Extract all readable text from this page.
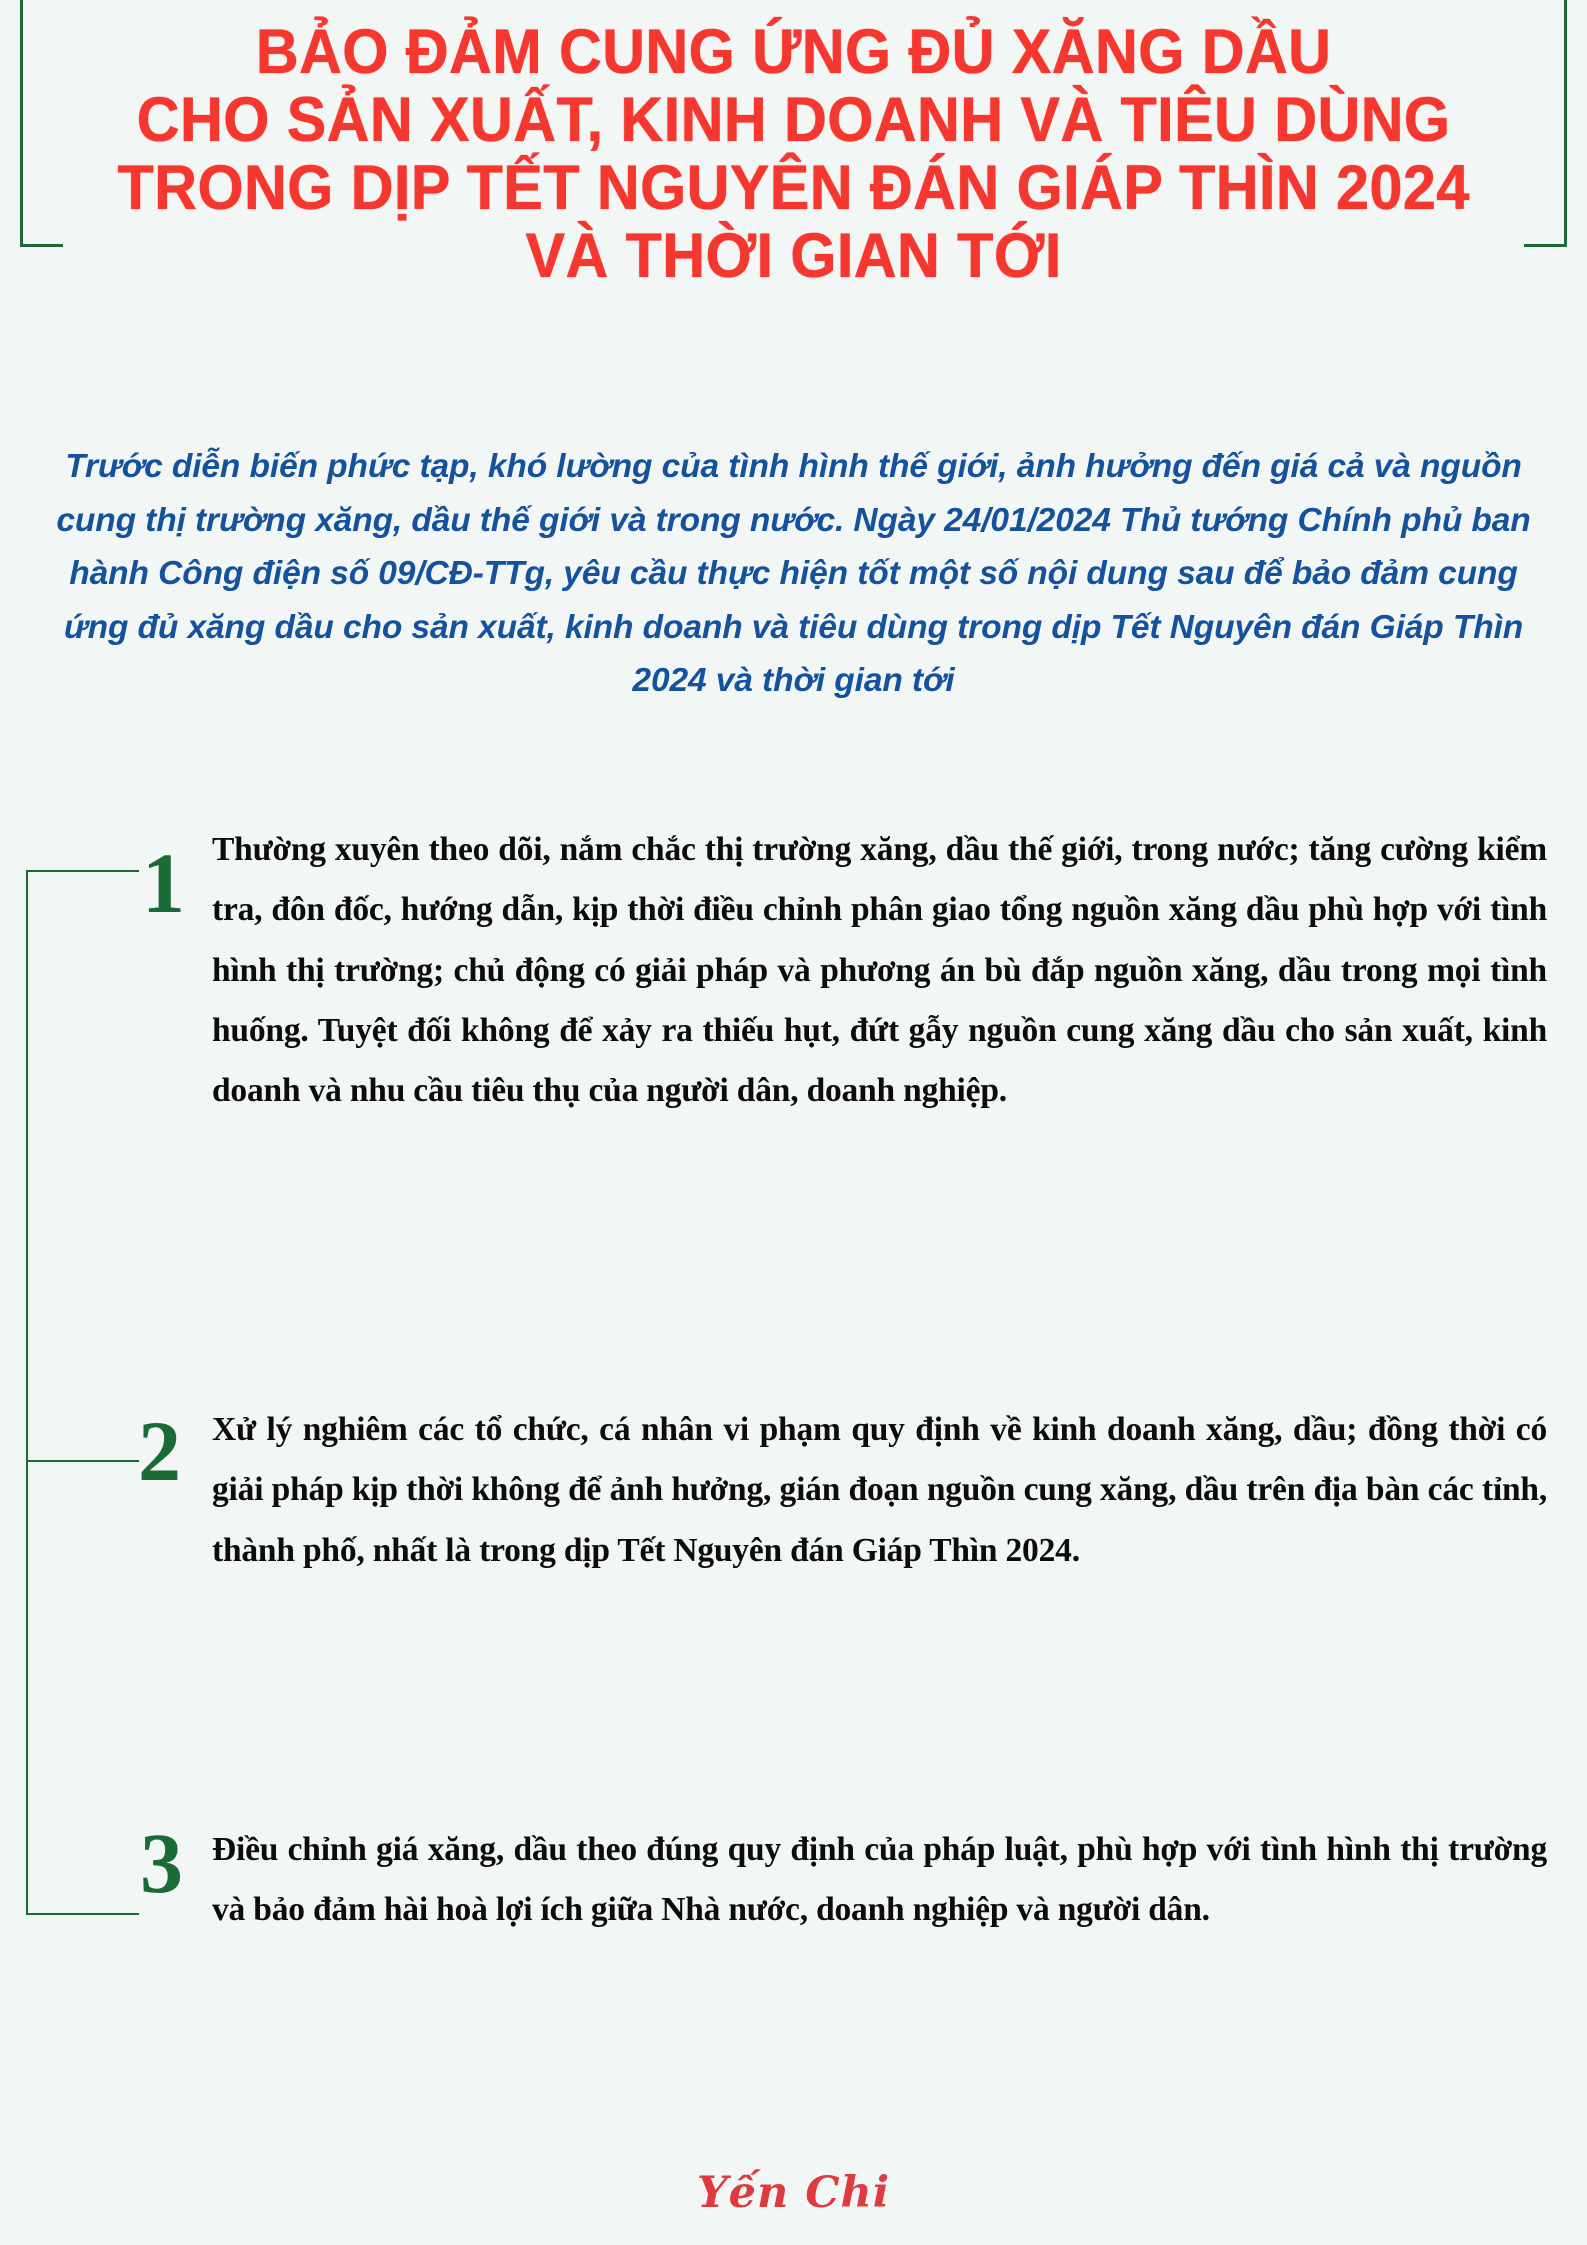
BẢO ĐẢM CUNG ỨNG ĐỦ XĂNG DẦU
CHO SẢN XUẤT, KINH DOANH VÀ TIÊU DÙNG
TRONG DỊP TẾT NGUYÊN ĐÁN GIÁP THÌN 2024
VÀ THỜI GIAN TỚI
Trước diễn biến phức tạp, khó lường của tình hình thế giới, ảnh hưởng đến giá cả và nguồn cung thị trường xăng, dầu thế giới và trong nước. Ngày 24/01/2024 Thủ tướng Chính phủ ban hành Công điện số 09/CĐ-TTg, yêu cầu thực hiện tốt một số nội dung sau để bảo đảm cung ứng đủ xăng dầu cho sản xuất, kinh doanh và tiêu dùng trong dịp Tết Nguyên đán Giáp Thìn 2024 và thời gian tới
1 Thường xuyên theo dõi, nắm chắc thị trường xăng, dầu thế giới, trong nước; tăng cường kiểm tra, đôn đốc, hướng dẫn, kịp thời điều chỉnh phân giao tổng nguồn xăng dầu phù hợp với tình hình thị trường; chủ động có giải pháp và phương án bù đắp nguồn xăng, dầu trong mọi tình huống. Tuyệt đối không để xảy ra thiếu hụt, đứt gẫy nguồn cung xăng dầu cho sản xuất, kinh doanh và nhu cầu tiêu thụ của người dân, doanh nghiệp.
2 Xử lý nghiêm các tổ chức, cá nhân vi phạm quy định về kinh doanh xăng, dầu; đồng thời có giải pháp kịp thời không để ảnh hưởng, gián đoạn nguồn cung xăng, dầu trên địa bàn các tỉnh, thành phố, nhất là trong dịp Tết Nguyên đán Giáp Thìn 2024.
3 Điều chỉnh giá xăng, dầu theo đúng quy định của pháp luật, phù hợp với tình hình thị trường và bảo đảm hài hoà lợi ích giữa Nhà nước, doanh nghiệp và người dân.
Yến Chi
